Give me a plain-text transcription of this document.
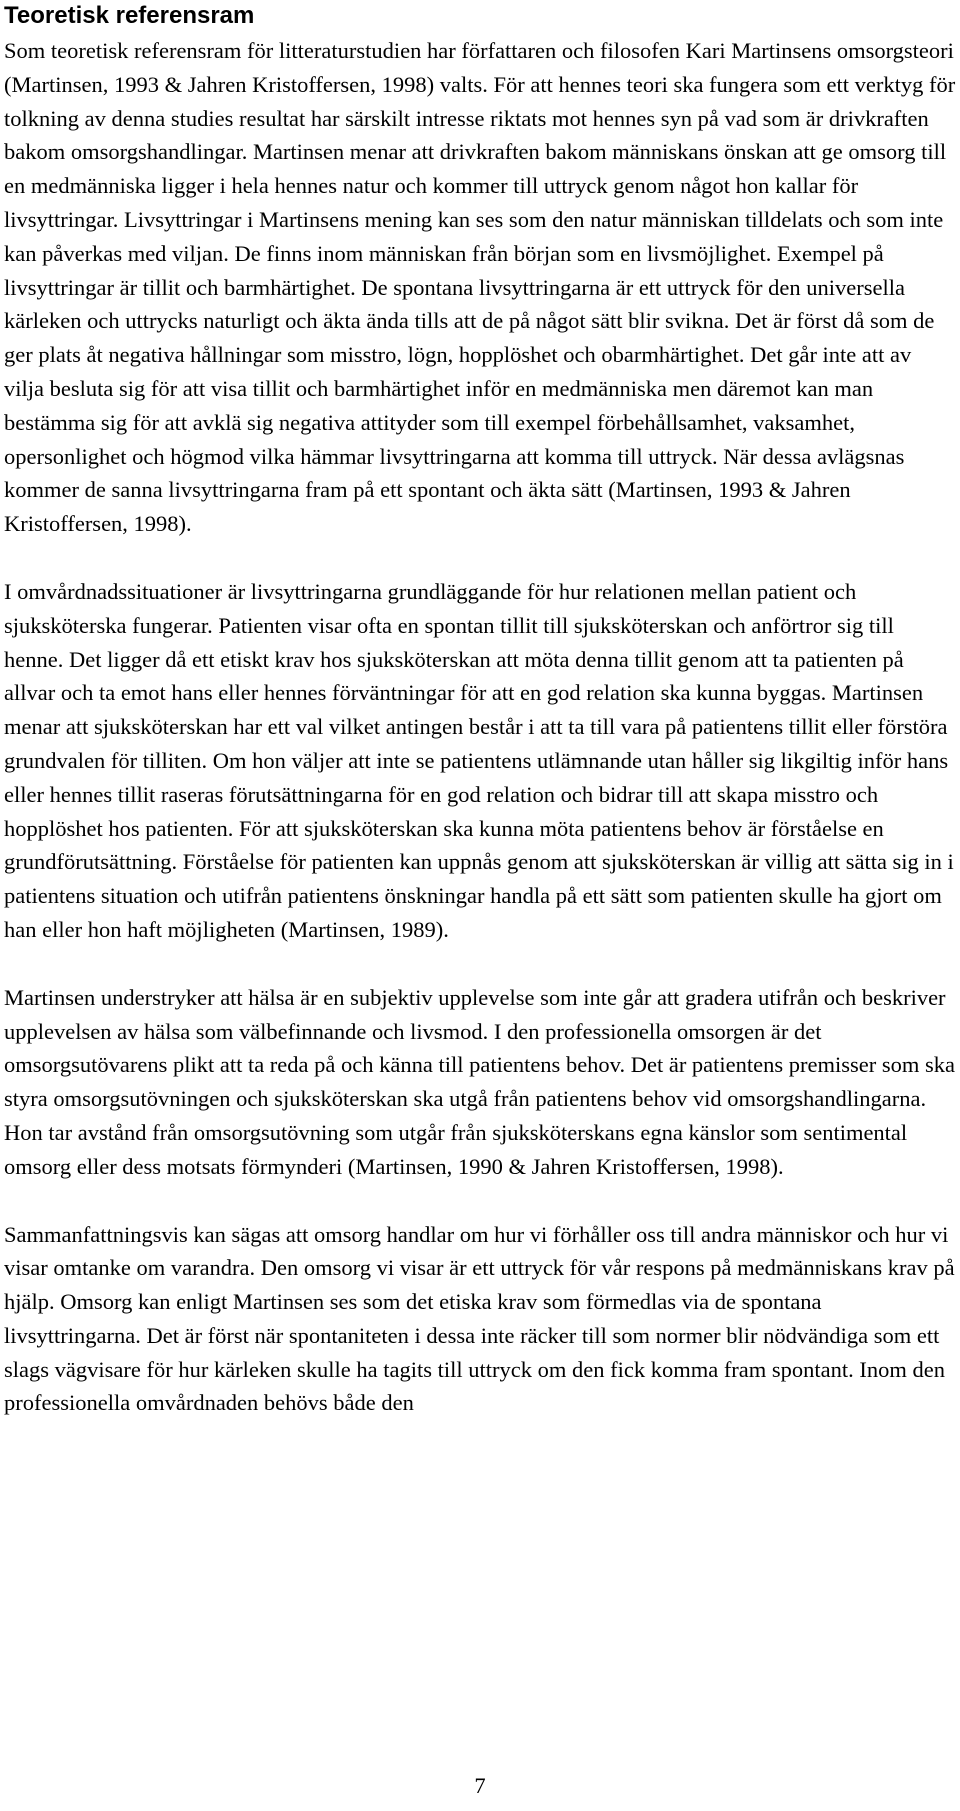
Teoretisk referensram

Som teoretisk referensram för litteraturstudien har författaren och filosofen Kari Martinsens omsorgsteori (Martinsen, 1993 & Jahren Kristoffersen, 1998) valts. För att hennes teori ska fungera som ett verktyg för tolkning av denna studies resultat har särskilt intresse riktats mot hennes syn på vad som är drivkraften bakom omsorgshandlingar. Martinsen menar att drivkraften bakom människans önskan att ge omsorg till en medmänniska ligger i hela hennes natur och kommer till uttryck genom något hon kallar för livsyttringar. Livsyttringar i Martinsens mening kan ses som den natur människan tilldelats och som inte kan påverkas med viljan. De finns inom människan från början som en livsmöjlighet. Exempel på livsyttringar är tillit och barmhärtighet. De spontana livsyttringarna är ett uttryck för den universella kärleken och uttrycks naturligt och äkta ända tills att de på något sätt blir svikna. Det är först då som de ger plats åt negativa hållningar som misstro, lögn, hopplöshet och obarmhärtighet. Det går inte att av vilja besluta sig för att visa tillit och barmhärtighet inför en medmänniska men däremot kan man bestämma sig för att avklä sig negativa attityder som till exempel förbehållsamhet, vaksamhet, opersonlighet och högmod vilka hämmar livsyttringarna att komma till uttryck. När dessa avlägsnas kommer de sanna livsyttringarna fram på ett spontant och äkta sätt (Martinsen, 1993 & Jahren Kristoffersen, 1998).

I omvårdnadssituationer är livsyttringarna grundläggande för hur relationen mellan patient och sjuksköterska fungerar. Patienten visar ofta en spontan tillit till sjuksköterskan och anförtror sig till henne. Det ligger då ett etiskt krav hos sjuksköterskan att möta denna tillit genom att ta patienten på allvar och ta emot hans eller hennes förväntningar för att en god relation ska kunna byggas. Martinsen menar att sjuksköterskan har ett val vilket antingen består i att ta till vara på patientens tillit eller förstöra grundvalen för tilliten. Om hon väljer att inte se patientens utlämnande utan håller sig likgiltig inför hans eller hennes tillit raseras förutsättningarna för en god relation och bidrar till att skapa misstro och hopplöshet hos patienten. För att sjuksköterskan ska kunna möta patientens behov är förståelse en grundförutsättning. Förståelse för patienten kan uppnås genom att sjuksköterskan är villig att sätta sig in i patientens situation och utifrån patientens önskningar handla på ett sätt som patienten skulle ha gjort om han eller hon haft möjligheten (Martinsen, 1989).

Martinsen understryker att hälsa är en subjektiv upplevelse som inte går att gradera utifrån och beskriver upplevelsen av hälsa som välbefinnande och livsmod. I den professionella omsorgen är det omsorgsutövarens plikt att ta reda på och känna till patientens behov. Det är patientens premisser som ska styra omsorgsutövningen och sjuksköterskan ska utgå från patientens behov vid omsorgshandlingarna. Hon tar avstånd från omsorgsutövning som utgår från sjuksköterskans egna känslor som sentimental omsorg eller dess motsats förmynderi (Martinsen, 1990 & Jahren Kristoffersen, 1998).

Sammanfattningsvis kan sägas att omsorg handlar om hur vi förhåller oss till andra människor och hur vi visar omtanke om varandra. Den omsorg vi visar är ett uttryck för vår respons på medmänniskans krav på hjälp. Omsorg kan enligt Martinsen ses som det etiska krav som förmedlas via de spontana livsyttringarna. Det är först när spontaniteten i dessa inte räcker till som normer blir nödvändiga som ett slags vägvisare för hur kärleken skulle ha tagits till uttryck om den fick komma fram spontant. Inom den professionella omvårdnaden behövs både den

7
